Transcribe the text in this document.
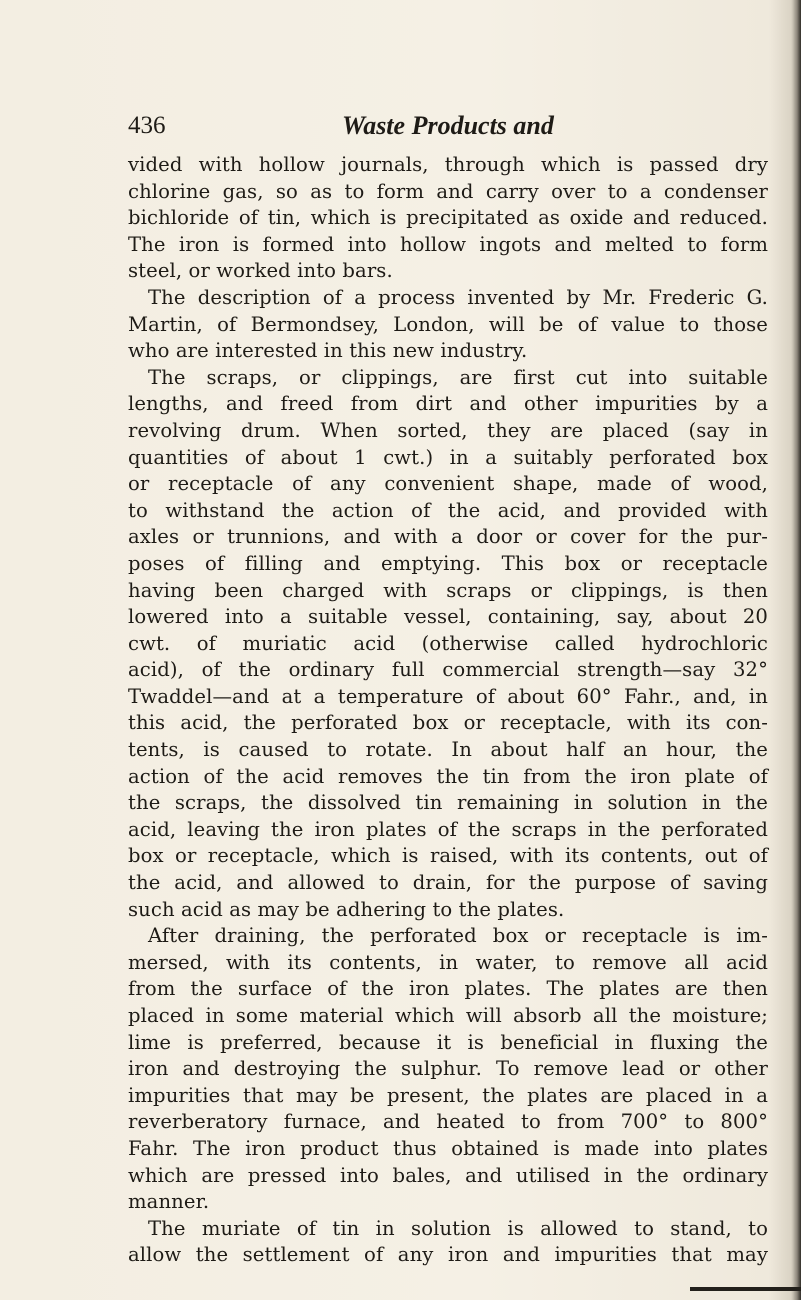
436	Waste Products and
vided with hollow journals, through which is passed dry
chlorine gas, so as to form and carry over to a condenser
bichloride of tin, which is precipitated as oxide and reduced.
The iron is formed into hollow ingots and melted to form
steel, or worked into bars.
The description of a process invented by Mr. Frederic G.
Martin, of Bermondsey, London, will be of value to those
who are interested in this new industry.
The scraps, or clippings, are first cut into suitable
lengths, and freed from dirt and other impurities by a
revolving drum. When sorted, they are placed (say in
quantities of about 1 cwt.) in a suitably perforated box
or receptacle of any convenient shape, made of wood,
to withstand the action of the acid, and provided with
axles or trunnions, and with a door or cover for the pur-
poses of filling and emptying. This box or receptacle
having been charged with scraps or clippings, is then
lowered into a suitable vessel, containing, say, about 20
cwt. of muriatic acid (otherwise called hydrochloric
acid), of the ordinary full commercial strength—say 32°
Twaddel—and at a temperature of about 60° Fahr., and, in
this acid, the perforated box or receptacle, with its con-
tents, is caused to rotate. In about half an hour, the
action of the acid removes the tin from the iron plate of
the scraps, the dissolved tin remaining in solution in the
acid, leaving the iron plates of the scraps in the perforated
box or receptacle, which is raised, with its contents, out of
the acid, and allowed to drain, for the purpose of saving
such acid as may be adhering to the plates.
After draining, the perforated box or receptacle is im-
mersed, with its contents, in water, to remove all acid
from the surface of the iron plates. The plates are then
placed in some material which will absorb all the moisture;
lime is preferred, because it is beneficial in fluxing the
iron and destroying the sulphur. To remove lead or other
impurities that may be present, the plates are placed in a
reverberatory furnace, and heated to from 700° to 800°
Fahr. The iron product thus obtained is made into plates
which are pressed into bales, and utilised in the ordinary
manner.
The muriate of tin in solution is allowed to stand, to
allow the settlement of any iron and impurities that may
